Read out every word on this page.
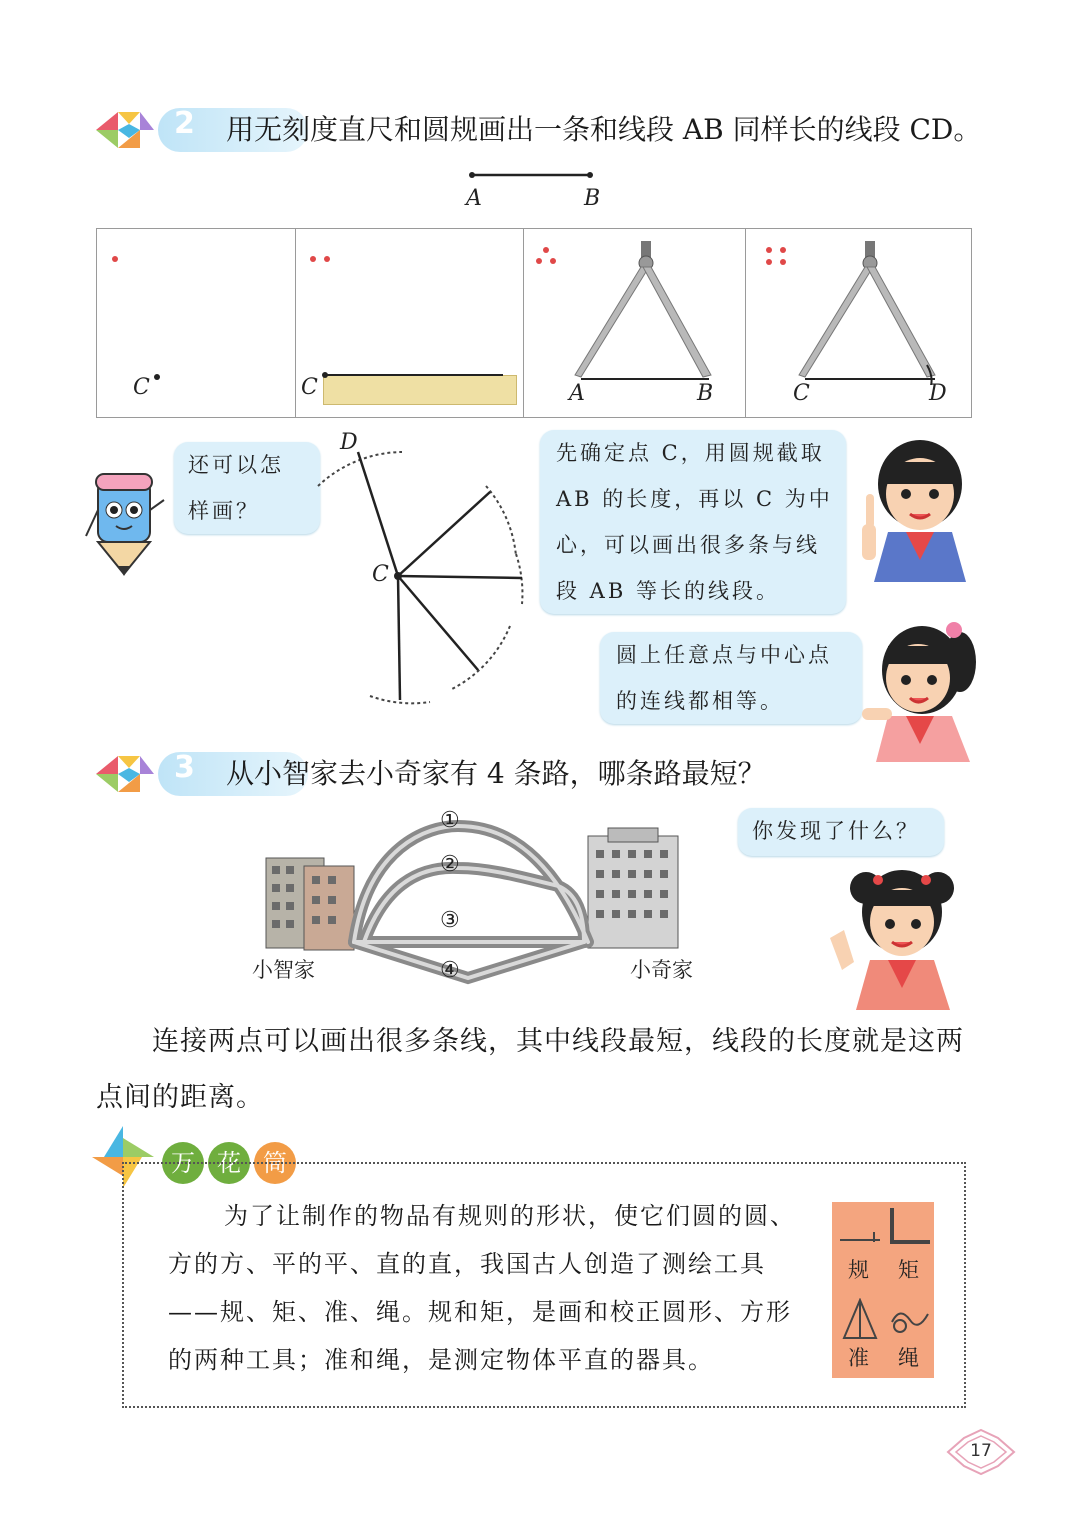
2 用无刻度直尺和圆规画出一条和线段 AB 同样长的线段 CD。
A	B
C	C	A	B	C	D
还可以怎样画？
D
C
先确定点 C，用圆规截取 AB 的长度，再以 C 为中心，可以画出很多条与线段 AB 等长的线段。
圆上任意点与中心点的连线都相等。
3 从小智家去小奇家有 4 条路，哪条路最短？
①
②
③
④
小智家	小奇家
你发现了什么？
连接两点可以画出很多条线，其中线段最短，线段的长度就是这两点间的距离。
万 花 筒
为了让制作的物品有规则的形状，使它们圆的圆、方的方、平的平、直的直，我国古人创造了测绘工具——规、矩、准、绳。规和矩，是画和校正圆形、方形的两种工具；准和绳，是测定物体平直的器具。
规 矩
准 绳
17
